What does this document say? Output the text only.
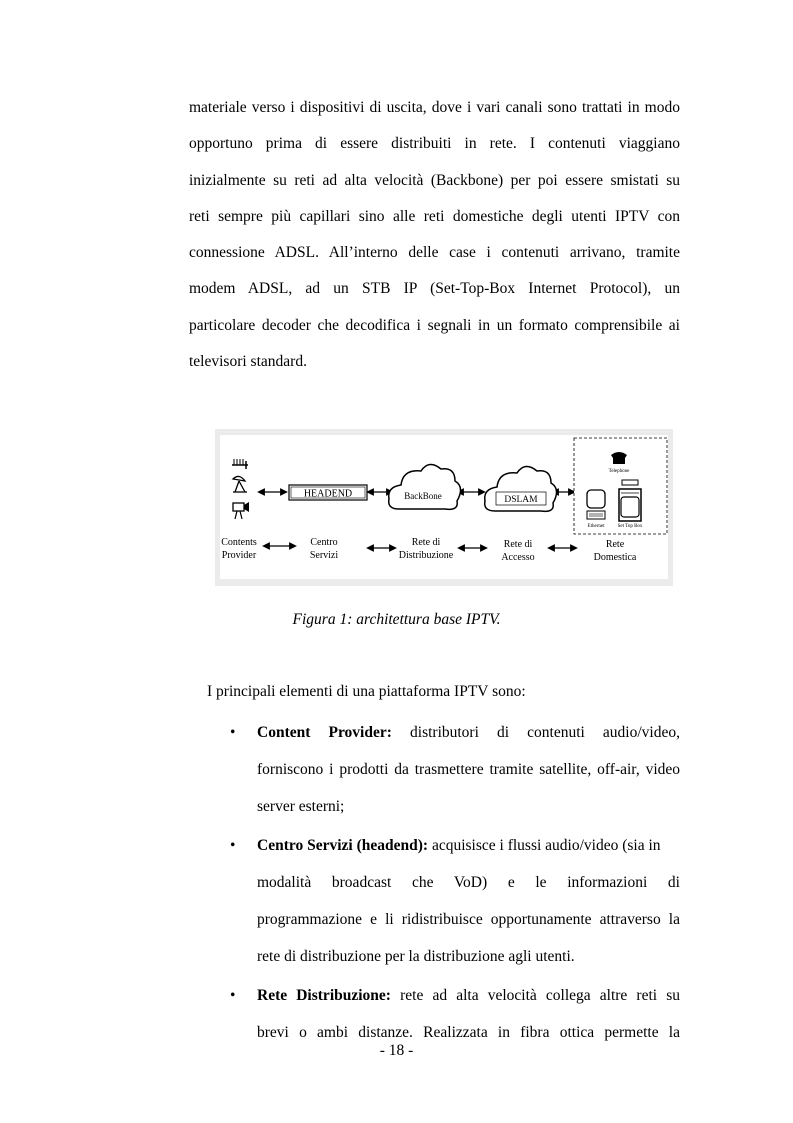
materiale verso i dispositivi di uscita, dove i vari canali sono trattati in modo
opportuno prima di essere distribuiti in rete. I contenuti viaggiano
inizialmente su reti ad alta velocità (Backbone) per poi essere smistati su
reti sempre più capillari sino alle reti domestiche degli utenti IPTV con
connessione ADSL. All’interno delle case i contenuti arrivano, tramite
modem ADSL, ad un STB IP (Set-Top-Box Internet Protocol), un
particolare decoder che decodifica i segnali in un formato comprensibile ai
televisori standard.

HEADEND	BackBone	DSLAM
Telephone
Ethernet	Set Top Box
Contents
Provider
Centro
Servizi
Rete di
Distribuzione
Rete di
Accesso
Rete
Domestica

Figura 1: architettura base IPTV.

I principali elementi di una piattaforma IPTV sono:

• Content Provider: distributori di contenuti audio/video,
forniscono i prodotti da trasmettere tramite satellite, off-air, video
server esterni;
• Centro Servizi (headend): acquisisce i flussi audio/video (sia in
modalità broadcast che VoD) e le informazioni di
programmazione e li ridistribuisce opportunamente attraverso la
rete di distribuzione per la distribuzione agli utenti.
• Rete Distribuzione: rete ad alta velocità collega altre reti su
brevi o ambi distanze. Realizzata in fibra ottica permette la

- 18 -
